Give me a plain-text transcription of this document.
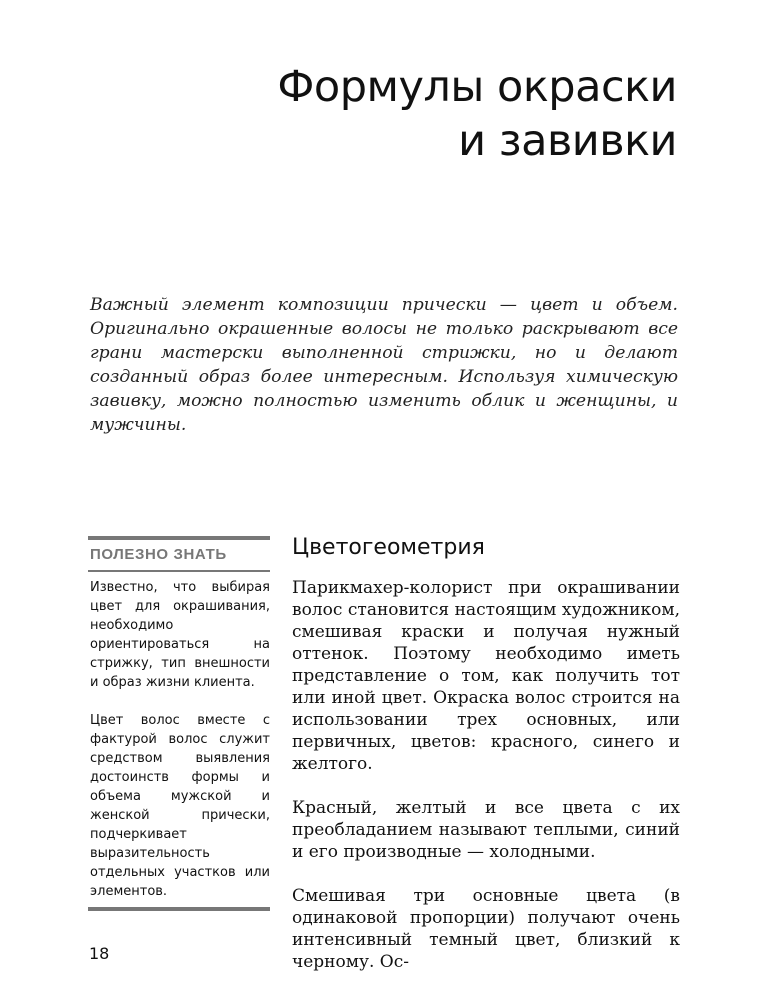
Формулы окраски
и завивки

Важный элемент композиции прически — цвет и объем. Оригинально окрашенные волосы не только раскрывают все грани мастерски выполненной стрижки, но и делают созданный образ более интересным. Используя химическую завивку, можно полностью изменить облик и женщины, и мужчины.

ПОЛЕЗНО ЗНАТЬ

Известно, что выбирая цвет для окрашивания, необходимо ориентироваться на стрижку, тип внешности и образ жизни клиента.

Цвет волос вместе с фактурой волос служит средством выявления достоинств формы и объема мужской и женской прически, подчеркивает выразительность отдельных участков или элементов.

Цветогеометрия

Парикмахер-колорист при окрашивании волос становится настоящим художником, смешивая краски и получая нужный оттенок. Поэтому необходимо иметь представление о том, как получить тот или иной цвет. Окраска волос строится на использовании трех основных, или первичных, цветов: красного, синего и желтого.

Красный, желтый и все цвета с их преобладанием называют теплыми, синий и его производные — холодными.

Смешивая три основные цвета (в одинаковой пропорции) получают очень интенсивный темный цвет, близкий к черному. Ос-

18
